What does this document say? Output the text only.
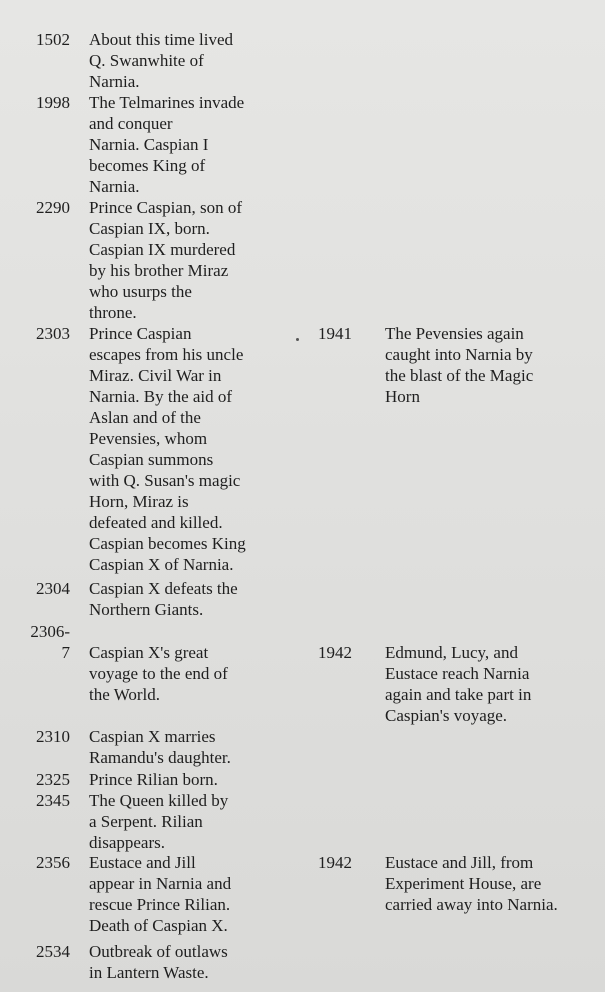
1502 About this time lived
Q. Swanwhite of
Narnia.
1998 The Telmarines invade
and conquer
Narnia. Caspian I
becomes King of
Narnia.
2290 Prince Caspian, son of
Caspian IX, born.
Caspian IX murdered
by his brother Miraz
who usurps the
throne.
2303 Prince Caspian
escapes from his uncle
Miraz. Civil War in
Narnia. By the aid of
Aslan and of the
Pevensies, whom
Caspian summons
with Q. Susan's magic
Horn, Miraz is
defeated and killed.
Caspian becomes King
Caspian X of Narnia.
2304 Caspian X defeats the
Northern Giants.
2306-
7 Caspian X's great
voyage to the end of
the World.
2310 Caspian X marries
Ramandu's daughter.
2325 Prince Rilian born.
2345 The Queen killed by
a Serpent. Rilian
disappears.
2356 Eustace and Jill
appear in Narnia and
rescue Prince Rilian.
Death of Caspian X.
2534 Outbreak of outlaws
in Lantern Waste.
1941 The Pevensies again
caught into Narnia by
the blast of the Magic
Horn
1942 Edmund, Lucy, and
Eustace reach Narnia
again and take part in
Caspian's voyage.
1942 Eustace and Jill, from
Experiment House, are
carried away into Narnia.
